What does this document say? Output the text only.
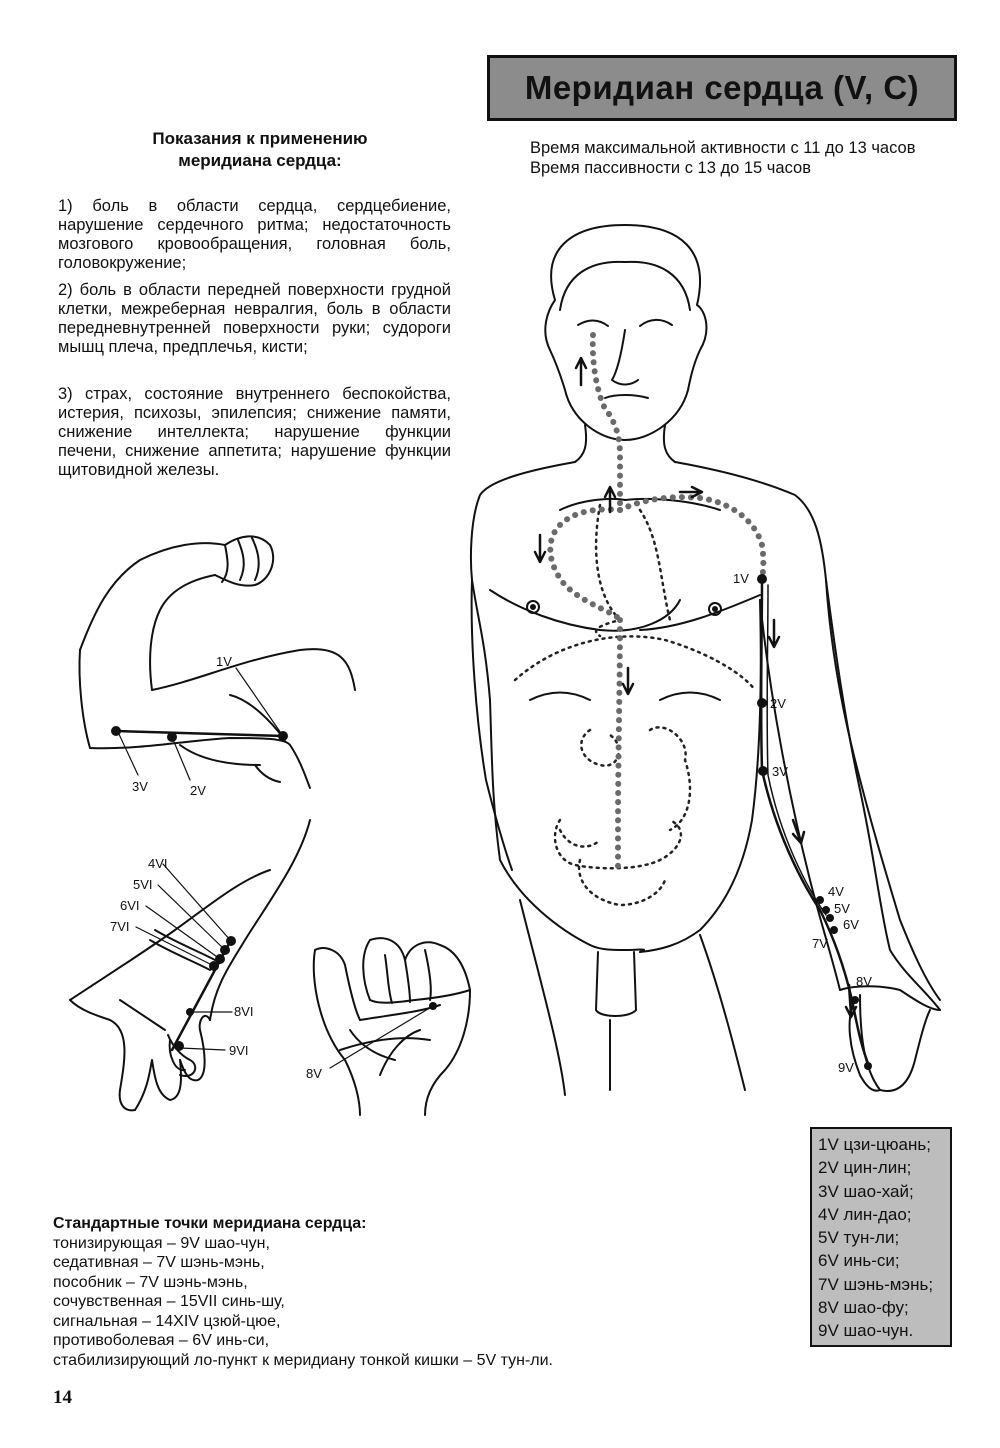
Меридиан сердца (V, C)
Время максимальной активности с 11 до 13 часов
Время пассивности с 13 до 15 часов
Показания к применению
меридиана сердца:
1) боль в области сердца, сердцебиение, нарушение сердечного ритма; недостаточность мозгового кровообращения, головная боль, головокружение;
2) боль в области передней поверхности грудной клетки, межреберная невралгия, боль в области передневнутренней поверхности руки; судороги мышц плеча, предплечья, кисти;
3) страх, состояние внутреннего беспокойства, истерия, психозы, эпилепсия; снижение памяти, снижение интеллекта; нарушение функции печени, снижение аппетита; нарушение функции щитовидной железы.
1V
2V
3V
4VI
5VI
6VI
7VI
8VI
9VI
8V
1V
2V
3V
4V
5V
6V
7V
8V
9V
1V цзи-цюань;
2V цин-лин;
3V шао-хай;
4V лин-дао;
5V тун-ли;
6V инь-си;
7V шэнь-мэнь;
8V шао-фу;
9V шао-чун.
Стандартные точки меридиана сердца:
тонизирующая – 9V шао-чун,
седативная – 7V шэнь-мэнь,
пособник – 7V шэнь-мэнь,
сочувственная – 15VII синь-шу,
сигнальная – 14XIV цзюй-цюе,
противоболевая – 6V инь-си,
стабилизирующий ло-пункт к меридиану тонкой кишки – 5V тун-ли.
14
